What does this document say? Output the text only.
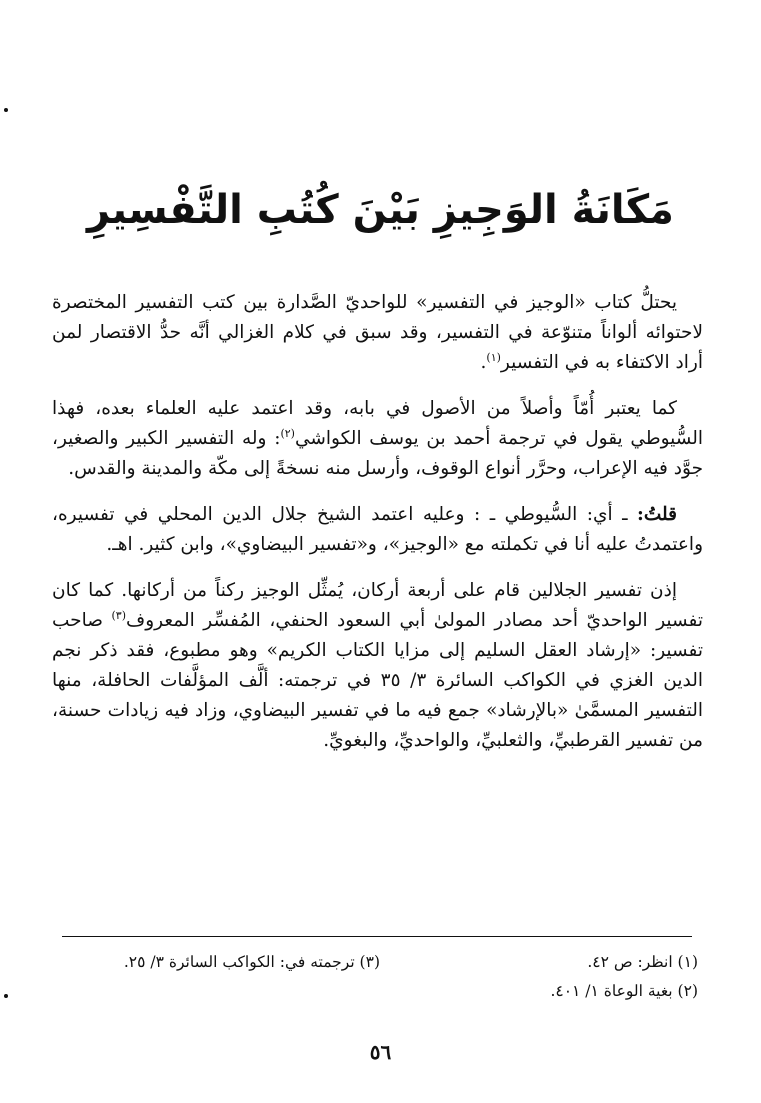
مَكَانَةُ الوَجِيزِ بَيْنَ كُتُبِ التَّفْسِيرِ

يحتلُّ كتاب «الوجيز في التفسير» للواحديّ الصَّدارة بين كتب التفسير المختصرة لاحتوائه ألواناً متنوّعة في التفسير، وقد سبق في كلام الغزالي أنَّه حدُّ الاقتصار لمن أراد الاكتفاء به في التفسير$^{(١)}$.

كما يعتبر أُمّاً وأصلاً من الأصول في بابه، وقد اعتمد عليه العلماء بعده، فهذا السُّيوطي يقول في ترجمة أحمد بن يوسف الكواشي$^{(٢)}$: وله التفسير الكبير والصغير، جوَّد فيه الإعراب، وحرَّر أنواع الوقوف، وأرسل منه نسخةً إلى مكّة والمدينة والقدس.

قلتُ: ـ أي: السُّيوطي ـ : وعليه اعتمد الشيخ جلال الدين المحلي في تفسيره، واعتمدتُ عليه أنا في تكملته مع «الوجيز»، و«تفسير البيضاوي»، وابن كثير. اهـ.

إذن تفسير الجلالين قام على أربعة أركان، يُمثِّل الوجيز ركناً من أركانها. كما كان تفسير الواحديّ أحد مصادر المولىٰ أبي السعود الحنفي، المُفسِّر المعروف$^{(٣)}$ صاحب تفسير: «إرشاد العقل السليم إلى مزايا الكتاب الكريم» وهو مطبوع، فقد ذكر نجم الدين الغزي في الكواكب السائرة ٣/ ٣٥ في ترجمته: ألَّف المؤلَّفات الحافلة، منها التفسير المسمَّىٰ «بالإرشاد» جمع فيه ما في تفسير البيضاوي، وزاد فيه زيادات حسنة، من تفسير القرطبيِّ، والثعلبيِّ، والواحديِّ، والبغويِّ.

(١) انظر: ص ٤٢.
(٣) ترجمته في: الكواكب السائرة ٣/ ٢٥.
(٢) بغية الوعاة ١/ ٤٠١.
٥٦
